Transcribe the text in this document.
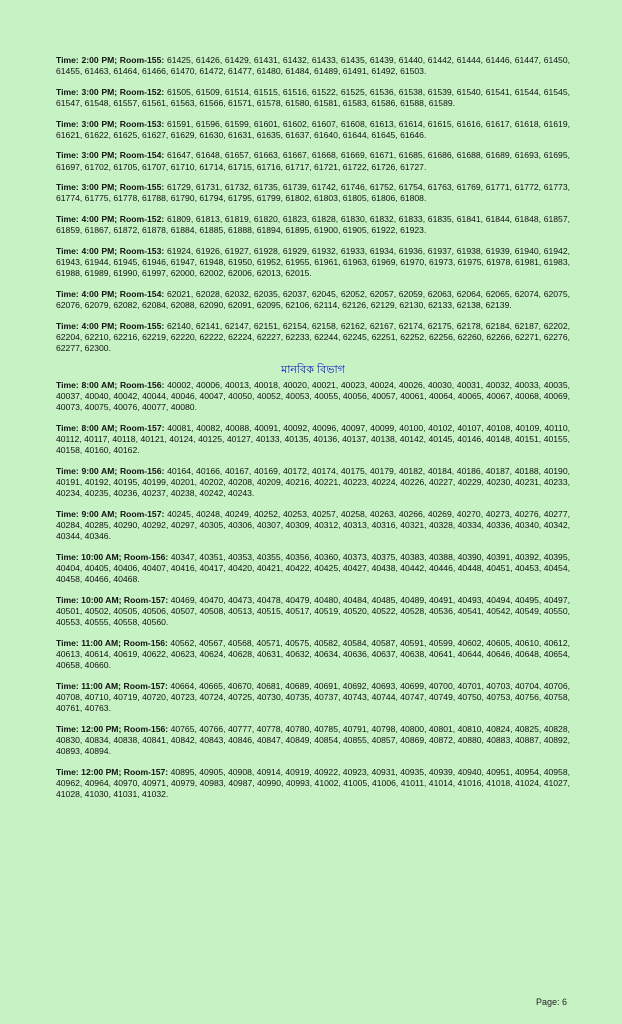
Time: 2:00 PM; Room-155: 61425, 61426, 61429, 61431, 61432, 61433, 61435, 61439, 61440, 61442, 61444, 61446, 61447, 61450, 61455, 61463, 61464, 61466, 61470, 61472, 61477, 61480, 61484, 61489, 61491, 61492, 61503.

Time: 3:00 PM; Room-152: 61505, 61509, 61514, 61515, 61516, 61522, 61525, 61536, 61538, 61539, 61540, 61541, 61544, 61545, 61547, 61548, 61557, 61561, 61563, 61566, 61571, 61578, 61580, 61581, 61583, 61586, 61588, 61589.

Time: 3:00 PM; Room-153: 61591, 61596, 61599, 61601, 61602, 61607, 61608, 61613, 61614, 61615, 61616, 61617, 61618, 61619, 61621, 61622, 61625, 61627, 61629, 61630, 61631, 61635, 61637, 61640, 61644, 61645, 61646.

Time: 3:00 PM; Room-154: 61647, 61648, 61657, 61663, 61667, 61668, 61669, 61671, 61685, 61686, 61688, 61689, 61693, 61695, 61697, 61702, 61705, 61707, 61710, 61714, 61715, 61716, 61717, 61721, 61722, 61726, 61727.

Time: 3:00 PM; Room-155: 61729, 61731, 61732, 61735, 61739, 61742, 61746, 61752, 61754, 61763, 61769, 61771, 61772, 61773, 61774, 61775, 61778, 61788, 61790, 61794, 61795, 61799, 61802, 61803, 61805, 61806, 61808.

Time: 4:00 PM; Room-152: 61809, 61813, 61819, 61820, 61823, 61828, 61830, 61832, 61833, 61835, 61841, 61844, 61848, 61857, 61859, 61867, 61872, 61878, 61884, 61885, 61888, 61894, 61895, 61900, 61905, 61922, 61923.

Time: 4:00 PM; Room-153: 61924, 61926, 61927, 61928, 61929, 61932, 61933, 61934, 61936, 61937, 61938, 61939, 61940, 61942, 61943, 61944, 61945, 61946, 61947, 61948, 61950, 61952, 61955, 61961, 61963, 61969, 61970, 61973, 61975, 61978, 61981, 61983, 61988, 61989, 61990, 61997, 62000, 62002, 62006, 62013, 62015.

Time: 4:00 PM; Room-154: 62021, 62028, 62032, 62035, 62037, 62045, 62052, 62057, 62059, 62063, 62064, 62065, 62074, 62075, 62076, 62079, 62082, 62084, 62088, 62090, 62091, 62095, 62106, 62114, 62126, 62129, 62130, 62133, 62138, 62139.

Time: 4:00 PM; Room-155: 62140, 62141, 62147, 62151, 62154, 62158, 62162, 62167, 62174, 62175, 62178, 62184, 62187, 62202, 62204, 62210, 62216, 62219, 62220, 62222, 62224, 62227, 62233, 62244, 62245, 62251, 62252, 62256, 62260, 62266, 62271, 62276, 62277, 62300.

মানবিক বিভাগ

Time: 8:00 AM; Room-156: 40002, 40006, 40013, 40018, 40020, 40021, 40023, 40024, 40026, 40030, 40031, 40032, 40033, 40035, 40037, 40040, 40042, 40044, 40046, 40047, 40050, 40052, 40053, 40055, 40056, 40057, 40061, 40064, 40065, 40067, 40068, 40069, 40073, 40075, 40076, 40077, 40080.

Time: 8:00 AM; Room-157: 40081, 40082, 40088, 40091, 40092, 40096, 40097, 40099, 40100, 40102, 40107, 40108, 40109, 40110, 40112, 40117, 40118, 40121, 40124, 40125, 40127, 40133, 40135, 40136, 40137, 40138, 40142, 40145, 40146, 40148, 40151, 40155, 40158, 40160, 40162.

Time: 9:00 AM; Room-156: 40164, 40166, 40167, 40169, 40172, 40174, 40175, 40179, 40182, 40184, 40186, 40187, 40188, 40190, 40191, 40192, 40195, 40199, 40201, 40202, 40208, 40209, 40216, 40221, 40223, 40224, 40226, 40227, 40229, 40230, 40231, 40233, 40234, 40235, 40236, 40237, 40238, 40242, 40243.

Time: 9:00 AM; Room-157: 40245, 40248, 40249, 40252, 40253, 40257, 40258, 40263, 40266, 40269, 40270, 40273, 40276, 40277, 40284, 40285, 40290, 40292, 40297, 40305, 40306, 40307, 40309, 40312, 40313, 40316, 40321, 40328, 40334, 40336, 40340, 40342, 40344, 40346.

Time: 10:00 AM; Room-156: 40347, 40351, 40353, 40355, 40356, 40360, 40373, 40375, 40383, 40388, 40390, 40391, 40392, 40395, 40404, 40405, 40406, 40407, 40416, 40417, 40420, 40421, 40422, 40425, 40427, 40438, 40442, 40446, 40448, 40451, 40453, 40454, 40458, 40466, 40468.

Time: 10:00 AM; Room-157: 40469, 40470, 40473, 40478, 40479, 40480, 40484, 40485, 40489, 40491, 40493, 40494, 40495, 40497, 40501, 40502, 40505, 40506, 40507, 40508, 40513, 40515, 40517, 40519, 40520, 40522, 40528, 40536, 40541, 40542, 40549, 40550, 40553, 40555, 40558, 40560.

Time: 11:00 AM; Room-156: 40562, 40567, 40568, 40571, 40575, 40582, 40584, 40587, 40591, 40599, 40602, 40605, 40610, 40612, 40613, 40614, 40619, 40622, 40623, 40624, 40628, 40631, 40632, 40634, 40636, 40637, 40638, 40641, 40644, 40646, 40648, 40654, 40658, 40660.

Time: 11:00 AM; Room-157: 40664, 40665, 40670, 40681, 40689, 40691, 40692, 40693, 40699, 40700, 40701, 40703, 40704, 40706, 40708, 40710, 40719, 40720, 40723, 40724, 40725, 40730, 40735, 40737, 40743, 40744, 40747, 40749, 40750, 40753, 40756, 40758, 40761, 40763.

Time: 12:00 PM; Room-156: 40765, 40766, 40777, 40778, 40780, 40785, 40791, 40798, 40800, 40801, 40810, 40824, 40825, 40828, 40830, 40834, 40838, 40841, 40842, 40843, 40846, 40847, 40849, 40854, 40855, 40857, 40869, 40872, 40880, 40883, 40887, 40892, 40893, 40894.

Time: 12:00 PM; Room-157: 40895, 40905, 40908, 40914, 40919, 40922, 40923, 40931, 40935, 40939, 40940, 40951, 40954, 40958, 40962, 40964, 40970, 40971, 40979, 40983, 40987, 40990, 40993, 41002, 41005, 41006, 41011, 41014, 41016, 41018, 41024, 41027, 41028, 41030, 41031, 41032.

Page: 6
